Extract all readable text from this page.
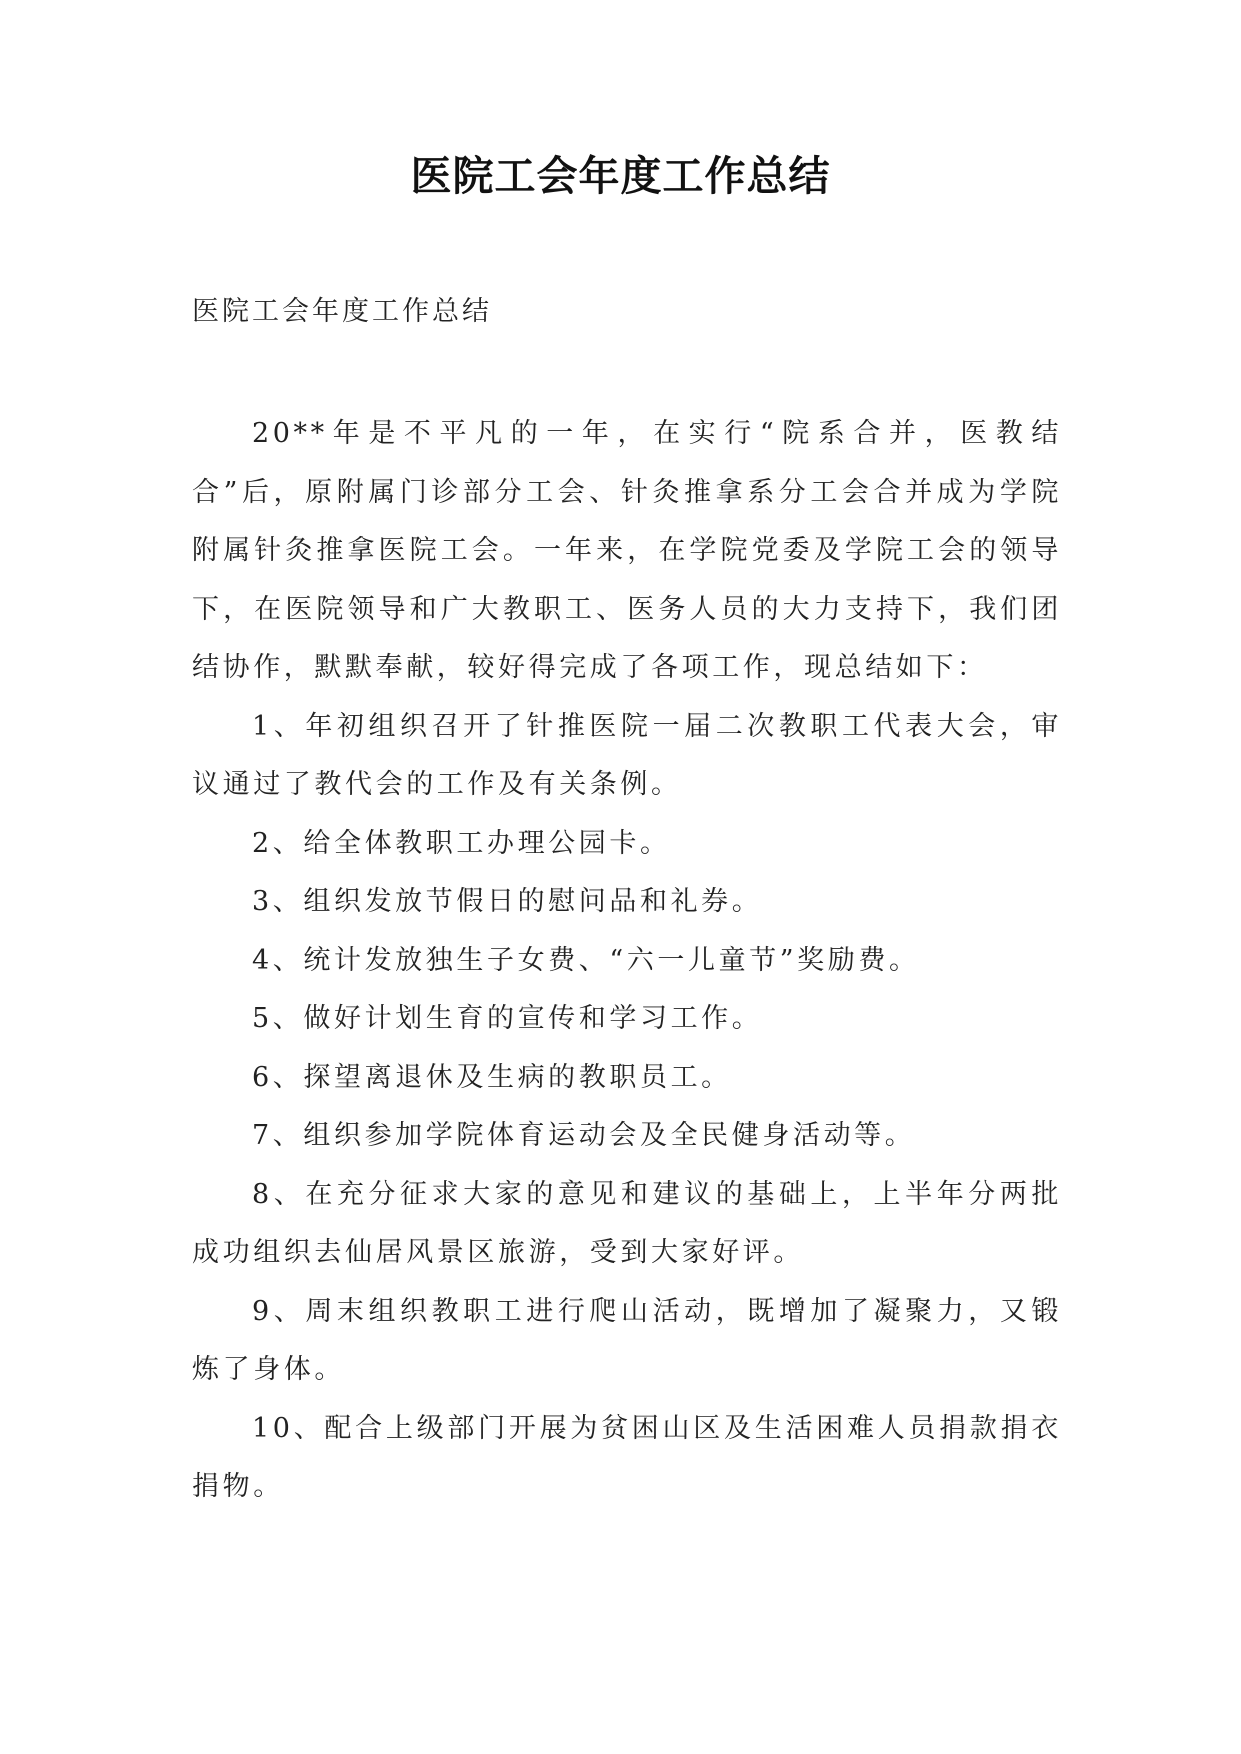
医院工会年度工作总结
医院工会年度工作总结

20**年是不平凡的一年，在实行“院系合并，医教结合”后，原附属门诊部分工会、针灸推拿系分工会合并成为学院附属针灸推拿医院工会。一年来，在学院党委及学院工会的领导下，在医院领导和广大教职工、医务人员的大力支持下，我们团结协作，默默奉献，较好得完成了各项工作，现总结如下：

1、年初组织召开了针推医院一届二次教职工代表大会，审议通过了教代会的工作及有关条例。

2、给全体教职工办理公园卡。

3、组织发放节假日的慰问品和礼券。

4、统计发放独生子女费、“六一儿童节”奖励费。

5、做好计划生育的宣传和学习工作。

6、探望离退休及生病的教职员工。

7、组织参加学院体育运动会及全民健身活动等。

8、在充分征求大家的意见和建议的基础上，上半年分两批成功组织去仙居风景区旅游，受到大家好评。

9、周末组织教职工进行爬山活动，既增加了凝聚力，又锻炼了身体。

10、配合上级部门开展为贫困山区及生活困难人员捐款捐衣捐物。
